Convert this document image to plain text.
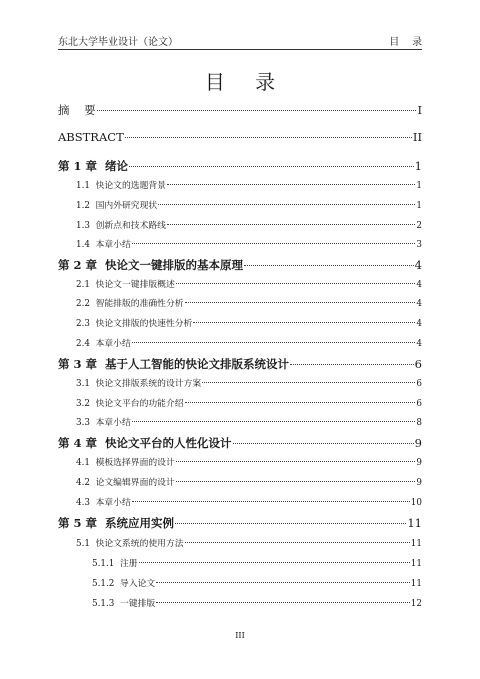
东北大学毕业设计（论文）	目    录
目 录
摘    要	I
ABSTRACT	II
第 1 章  绪论	1
1.1  快论文的选题背景	1
1.2  国内外研究现状	1
1.3  创新点和技术路线	2
1.4  本章小结	3
第 2 章  快论文一键排版的基本原理	4
2.1  快论文一键排版概述	4
2.2  智能排版的准确性分析	4
2.3  快论文排版的快速性分析	4
2.4  本章小结	4
第 3 章  基于人工智能的快论文排版系统设计	6
3.1  快论文排版系统的设计方案	6
3.2  快论文平台的功能介绍	6
3.3  本章小结	8
第 4 章  快论文平台的人性化设计	9
4.1  模板选择界面的设计	9
4.2  论文编辑界面的设计	9
4.3  本章小结	10
第 5 章  系统应用实例	11
5.1  快论文系统的使用方法	11
5.1.1  注册	11
5.1.2  导入论文	11
5.1.3  一键排版	12
III
